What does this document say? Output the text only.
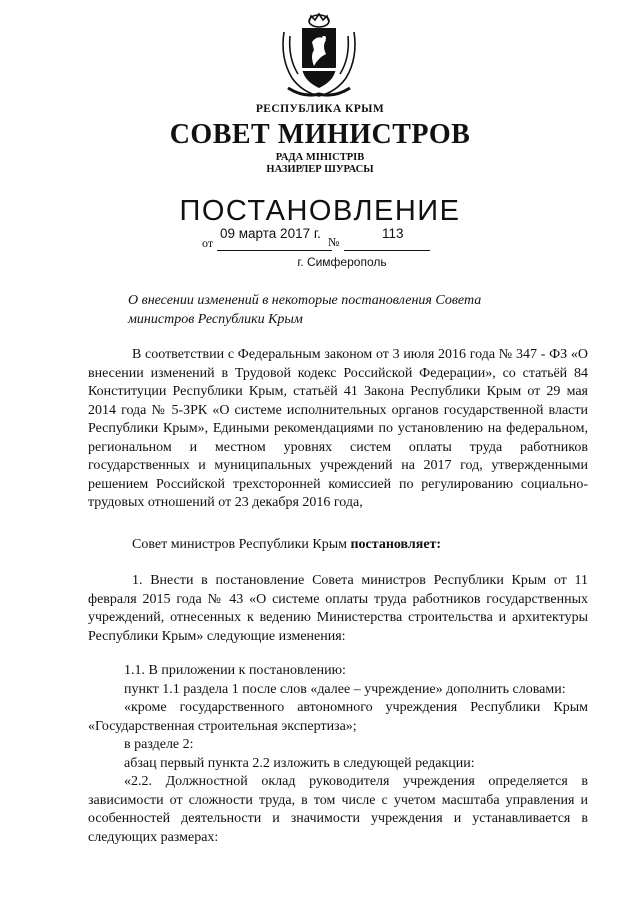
РЕСПУБЛИКА КРЫМ
СОВЕТ МИНИСТРОВ
РАДА МІНІСТРІВ
НАЗИРЛЕР ШУРАСЫ
ПОСТАНОВЛЕНИЕ
от
09 марта 2017 г.
№
113
г. Симферополь
О внесении изменений в некоторые постановления Совета министров Республики Крым
В соответствии с Федеральным законом от 3 июля 2016 года № 347 - ФЗ «О внесении изменений в Трудовой кодекс Российской Федерации», со статьёй 84 Конституции Республики Крым, статьёй 41 Закона Республики Крым от 29 мая 2014 года № 5-ЗРК «О системе исполнительных органов государственной власти Республики Крым», Едиными рекомендациями по установлению на федеральном, региональном и местном уровнях систем оплаты труда работников государственных и муниципальных учреждений на 2017 год, утвержденными решением Российской трехсторонней комиссией по регулированию социально-трудовых отношений от 23 декабря 2016 года,
Совет министров Республики Крым постановляет:
1. Внести в постановление Совета министров Республики Крым от 11 февраля 2015 года № 43 «О системе оплаты труда работников государственных учреждений, отнесенных к ведению Министерства строительства и архитектуры Республики Крым» следующие изменения:
1.1. В приложении к постановлению:
пункт 1.1 раздела 1 после слов «далее – учреждение» дополнить словами:
«кроме государственного автономного учреждения Республики Крым «Государственная строительная экспертиза»;
в разделе 2:
абзац первый пункта 2.2 изложить в следующей редакции:
«2.2. Должностной оклад руководителя учреждения определяется в зависимости от сложности труда, в том числе с учетом масштаба управления и особенностей деятельности и значимости учреждения и устанавливается в следующих размерах:
